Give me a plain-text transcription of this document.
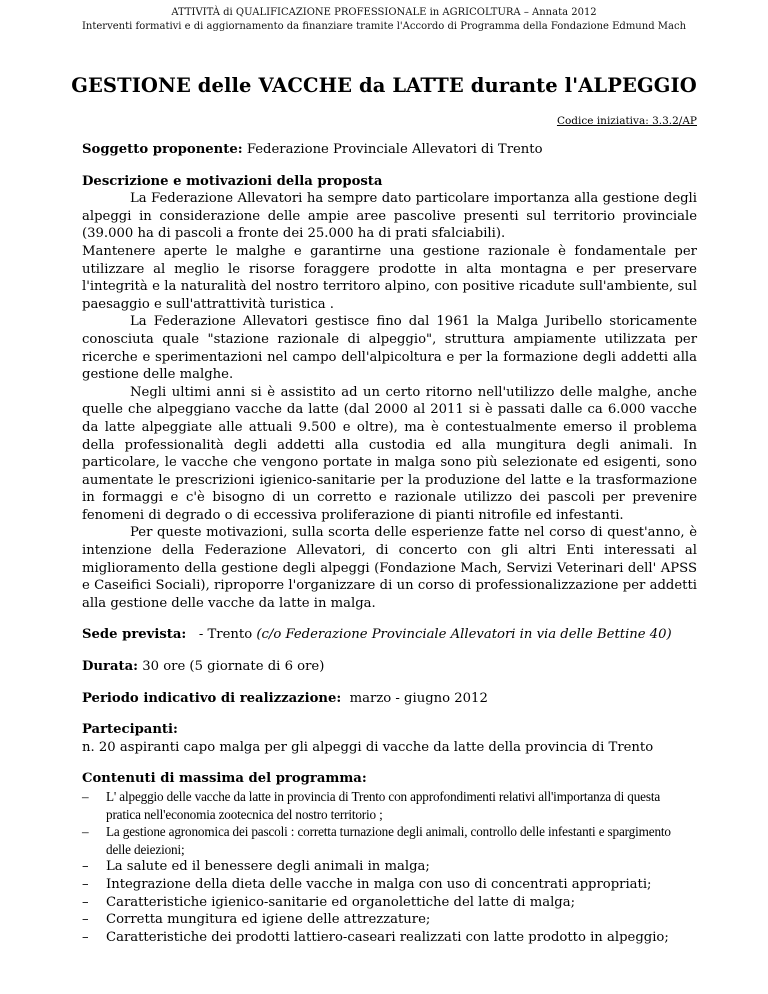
ATTIVITÀ di QUALIFICAZIONE PROFESSIONALE in AGRICOLTURA – Annata 2012
Interventi formativi e di aggiornamento da finanziare tramite l'Accordo di Programma della Fondazione Edmund Mach
GESTIONE delle VACCHE da LATTE durante l'ALPEGGIO
Codice iniziativa: 3.3.2/AP
Soggetto proponente: Federazione Provinciale Allevatori di Trento
Descrizione e motivazioni della proposta

La Federazione Allevatori ha sempre dato particolare importanza alla gestione degli alpeggi in considerazione delle ampie aree pascolive presenti sul territorio provinciale (39.000 ha di pascoli a fronte dei 25.000 ha di prati sfalciabili).

Mantenere aperte le malghe e garantirne una gestione razionale è fondamentale per utilizzare al meglio le risorse foraggere prodotte in alta montagna e per preservare l'integrità e la naturalità del nostro territoro alpino, con positive ricadute sull'ambiente, sul paesaggio e sull'attrattività turistica .

La Federazione Allevatori gestisce fino dal 1961 la Malga Juribello storicamente conosciuta quale "stazione razionale di alpeggio", struttura ampiamente utilizzata per ricerche e sperimentazioni nel campo dell'alpicoltura e per la formazione degli addetti alla gestione delle malghe.

Negli ultimi anni si è assistito ad un certo ritorno nell'utilizzo delle malghe, anche quelle che alpeggiano vacche da latte (dal 2000 al 2011 si è passati dalle ca 6.000 vacche da latte alpeggiate alle attuali 9.500 e oltre), ma è contestualmente emerso il problema della professionalità degli addetti alla custodia ed alla mungitura degli animali. In particolare, le vacche che vengono portate in malga sono più selezionate ed esigenti, sono aumentate le prescrizioni igienico-sanitarie per la produzione del latte e la trasformazione in formaggi e c'è bisogno di un corretto e razionale utilizzo dei pascoli per prevenire fenomeni di degrado o di eccessiva proliferazione di pianti nitrofile ed infestanti.

Per queste motivazioni, sulla scorta delle esperienze fatte nel corso di quest'anno, è intenzione della Federazione Allevatori, di concerto con gli altri Enti interessati al miglioramento della gestione degli alpeggi (Fondazione Mach, Servizi Veterinari dell' APSS e Caseifici Sociali), riproporre l'organizzare di un corso di professionalizzazione per addetti alla gestione delle vacche da latte in malga.

Sede prevista:   - Trento (c/o Federazione Provinciale Allevatori in via delle Bettine 40)
Durata: 30 ore (5 giornate di 6 ore)
Periodo indicativo di realizzazione:  marzo - giugno 2012
Partecipanti:
n. 20 aspiranti capo malga per gli alpeggi di vacche da latte della provincia di Trento
Contenuti di massima del programma:
– L' alpeggio delle vacche da latte in provincia di Trento con approfondimenti relativi all'importanza di questa pratica nell'economia zootecnica del nostro territorio ;
– La gestione agronomica dei pascoli : corretta turnazione degli animali, controllo delle infestanti e spargimento delle deiezioni;
– La salute ed il benessere degli animali in malga;
– Integrazione della dieta delle vacche in malga con uso di concentrati appropriati;
– Caratteristiche igienico-sanitarie ed organolettiche del latte di malga;
– Corretta mungitura ed igiene delle attrezzature;
– Caratteristiche dei prodotti lattiero-caseari realizzati con latte prodotto in alpeggio;
